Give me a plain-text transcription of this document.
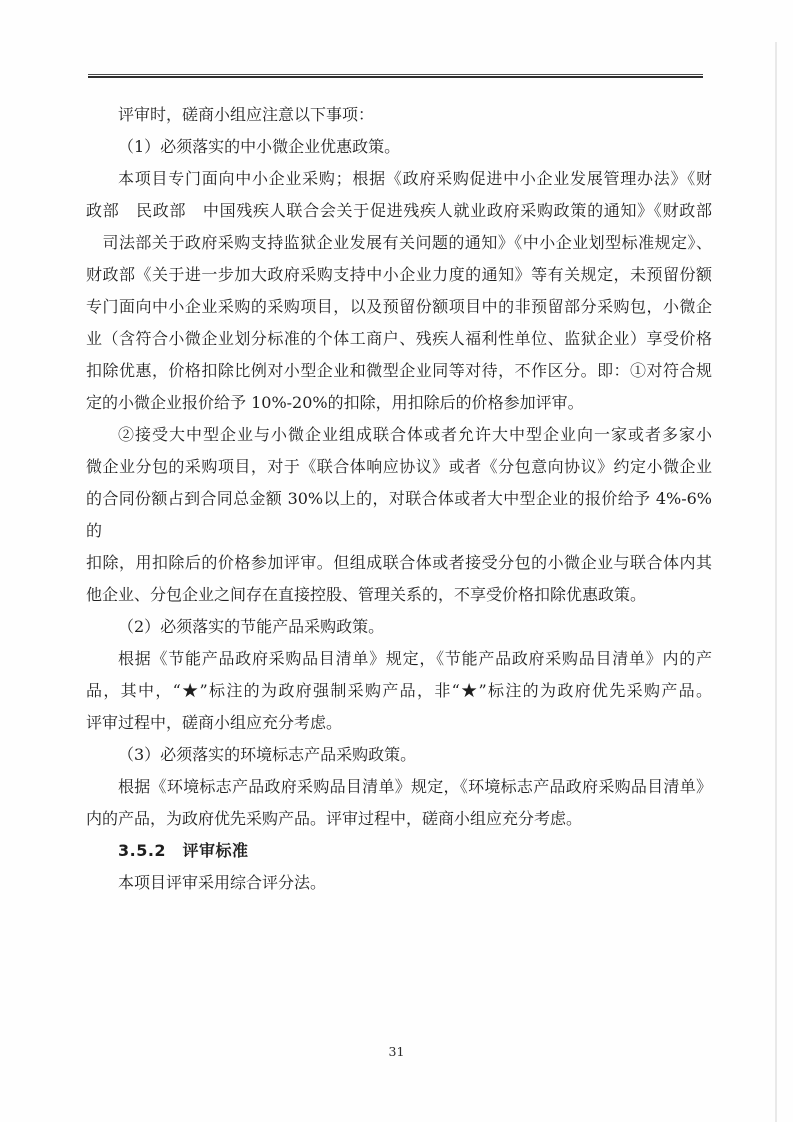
评审时，磋商小组应注意以下事项：
（1）必须落实的中小微企业优惠政策。
本项目专门面向中小企业采购；根据《政府采购促进中小企业发展管理办法》《财
政部　民政部　中国残疾人联合会关于促进残疾人就业政府采购政策的通知》《财政部
　司法部关于政府采购支持监狱企业发展有关问题的通知》《中小企业划型标准规定》、
财政部《关于进一步加大政府采购支持中小企业力度的通知》等有关规定，未预留份额
专门面向中小企业采购的采购项目，以及预留份额项目中的非预留部分采购包，小微企
业（含符合小微企业划分标准的个体工商户、残疾人福利性单位、监狱企业）享受价格
扣除优惠，价格扣除比例对小型企业和微型企业同等对待，不作区分。即：①对符合规
定的小微企业报价给予 10%-20%的扣除，用扣除后的价格参加评审。
②接受大中型企业与小微企业组成联合体或者允许大中型企业向一家或者多家小
微企业分包的采购项目，对于《联合体响应协议》或者《分包意向协议》约定小微企业
的合同份额占到合同总金额 30%以上的，对联合体或者大中型企业的报价给予 4%-6%的
扣除，用扣除后的价格参加评审。但组成联合体或者接受分包的小微企业与联合体内其
他企业、分包企业之间存在直接控股、管理关系的，不享受价格扣除优惠政策。
（2）必须落实的节能产品采购政策。
根据《节能产品政府采购品目清单》规定，《节能产品政府采购品目清单》内的产
品，其中，“★”标注的为政府强制采购产品，非“★”标注的为政府优先采购产品。
评审过程中，磋商小组应充分考虑。
（3）必须落实的环境标志产品采购政策。
根据《环境标志产品政府采购品目清单》规定，《环境标志产品政府采购品目清单》
内的产品，为政府优先采购产品。评审过程中，磋商小组应充分考虑。
3.5.2　评审标准
本项目评审采用综合评分法。
31
